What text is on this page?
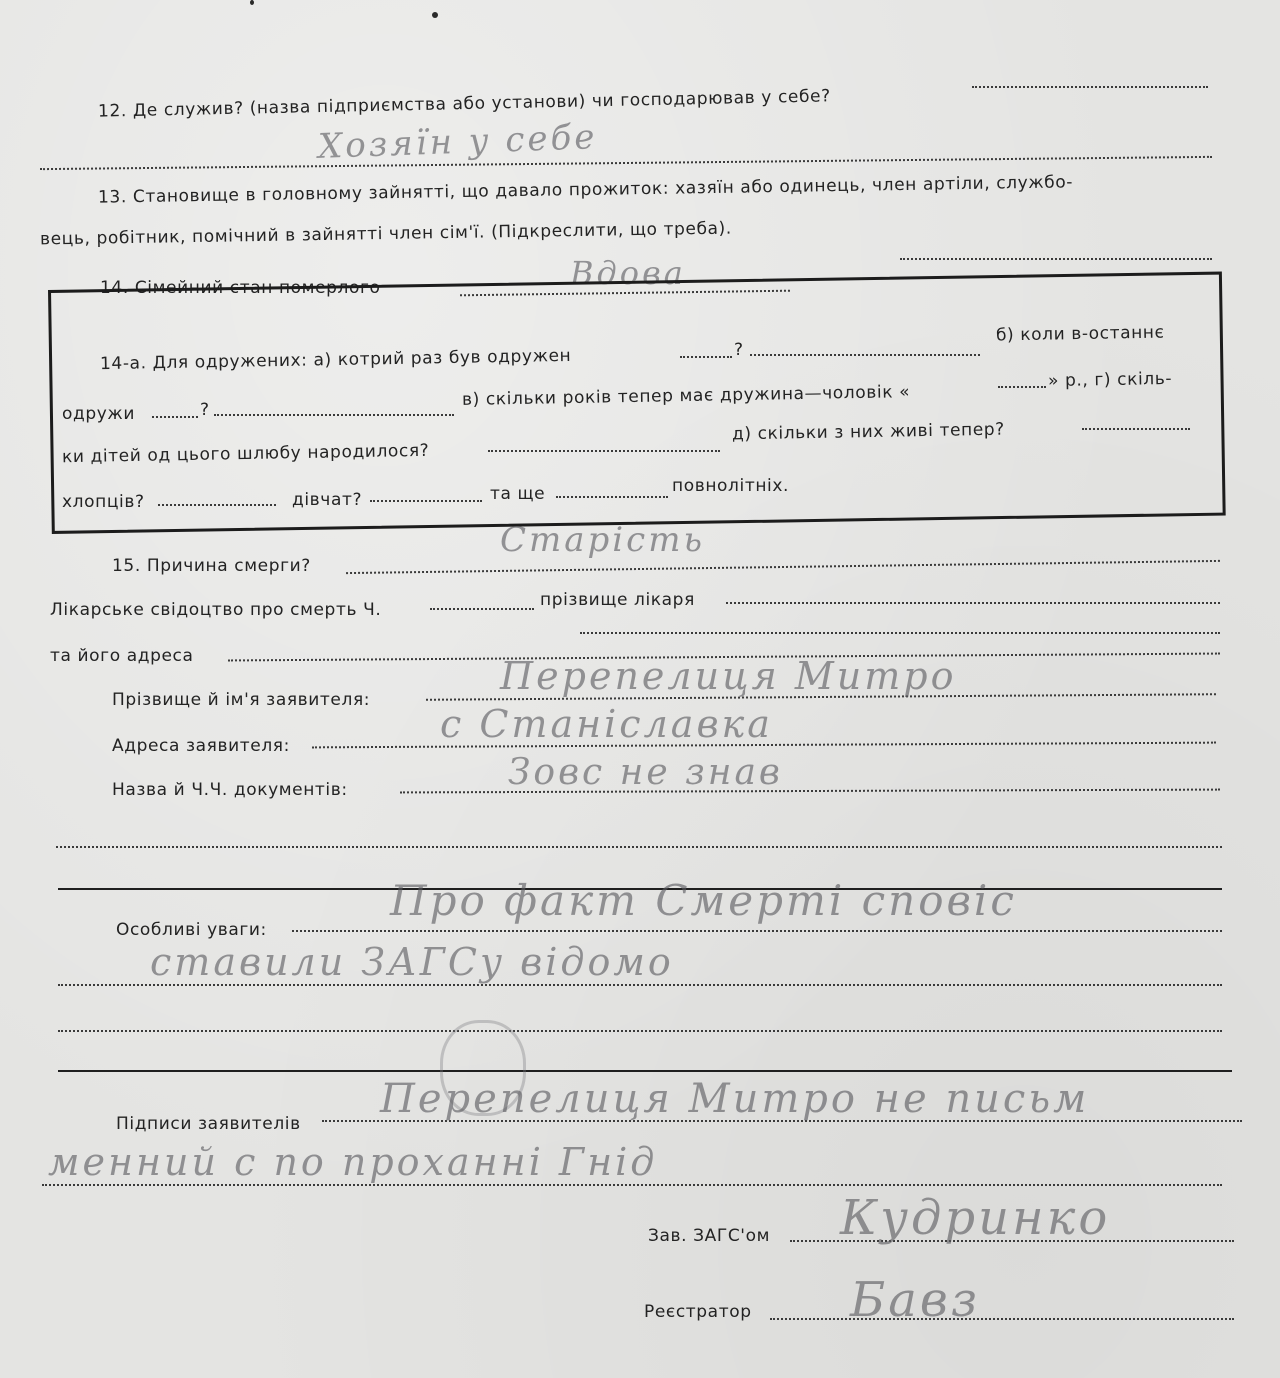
12. Де служив? (назва підприємства або установи) чи господарював у себе?
Хозяїн у себе
13. Становище в головному зайнятті, що давало прожиток: хазяїн або одинець, член артіли, службо-
вець, робітник, помічний в зайнятті член сім'ї. (Підкреслити, що треба).
14. Сімейний стан померлого	Вдова
14-а. Для одружених: а) котрий раз був одружен	?
б) коли в-останнє
одружи	?
в) скільки років тепер має дружина—чоловік «
» р., г) скіль-
ки дітей од цього шлюбу народилося?
д) скільки з них живі тепер?
хлопців?	дівчат?	та ще	повнолітніх.
15. Причина смерги?
Старість
Лікарське свідоцтво про смерть Ч.	прізвище лікаря
та його адреса
Прізвище й ім'я заявителя:
Перепелиця Митро
Адреса заявителя:	с Станіславка
Назва й Ч.Ч. документів:	Зовс не знав
Особливі уваги:
Про факт Смерті сповіс
ставили ЗАГСу відомо
Підписи заявителів
Перепелиця Митро не письм
менний с по проханні Гнід
Зав. ЗАГС'ом Кудринко
Реєстратор Бавз
